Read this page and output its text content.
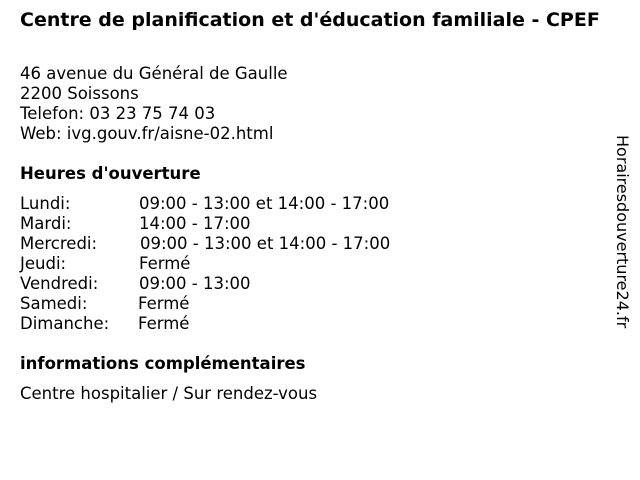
Centre de planification et d'éducation familiale - CPEF
46 avenue du Général de Gaulle
2200 Soissons
Telefon: 03 23 75 74 03
Web: ivg.gouv.fr/aisne-02.html
Heures d'ouverture
Lundi:	09:00 - 13:00 et 14:00 - 17:00
Mardi:	14:00 - 17:00
Mercredi:	09:00 - 13:00 et 14:00 - 17:00
Jeudi:	Fermé
Vendredi: 09:00 - 13:00
Samedi:	Fermé
Dimanche: Fermé
informations complémentaires
Centre hospitalier / Sur rendez-vous
Horairesdouverture24.fr
